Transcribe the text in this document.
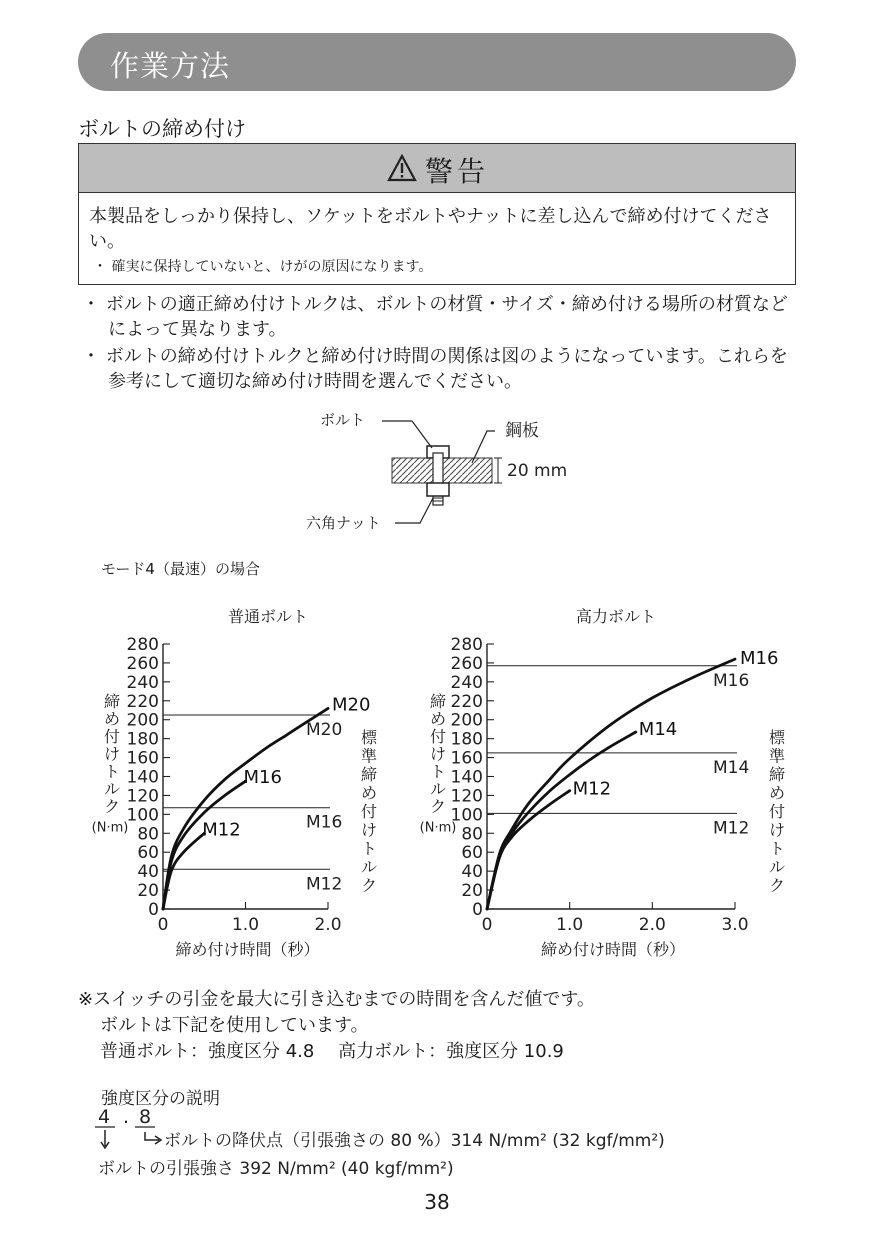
作業方法
ボルトの締め付け
警告
本製品をしっかり保持し、ソケットをボルトやナットに差し込んで締め付けてください。
・ 確実に保持していないと、けがの原因になります。

・ ボルトの適正締め付けトルクは、ボルトの材質・サイズ・締め付ける場所の材質などによって異なります。

・ ボルトの締め付けトルクと締め付け時間の関係は図のようになっています。これらを参考にして適切な締め付け時間を選んでください。

ボルト
鋼板
20 mm
六角ナット
モード4（最速）の場合
普通ボルト
0
20
40
60
80
100
120
140
160
180
200
220
240
260
280
0	1.0	2.0
締め付け時間（秒）
締め付けトルク
(N·m)
標準締め付けトルク
M20
M16
M12
M20
M16
M12
高力ボルト
0
20
40
60
80
100
120
140
160
180
200
220
240
260
280
0	1.0	2.0	3.0
締め付け時間（秒）
締め付けトルク
(N·m)
標準締め付けトルク
M16
M14
M12
M16
M14
M12
※スイッチの引金を最大に引き込むまでの時間を含んだ値です。
ボルトは下記を使用しています。
普通ボルト：強度区分 4.8　 高力ボルト：強度区分 10.9
強度区分の説明
4 . 8
ボルトの降伏点（引張強さの 80 %）314 N/mm² (32 kgf/mm²)
ボルトの引張強さ 392 N/mm² (40 kgf/mm²)
38
